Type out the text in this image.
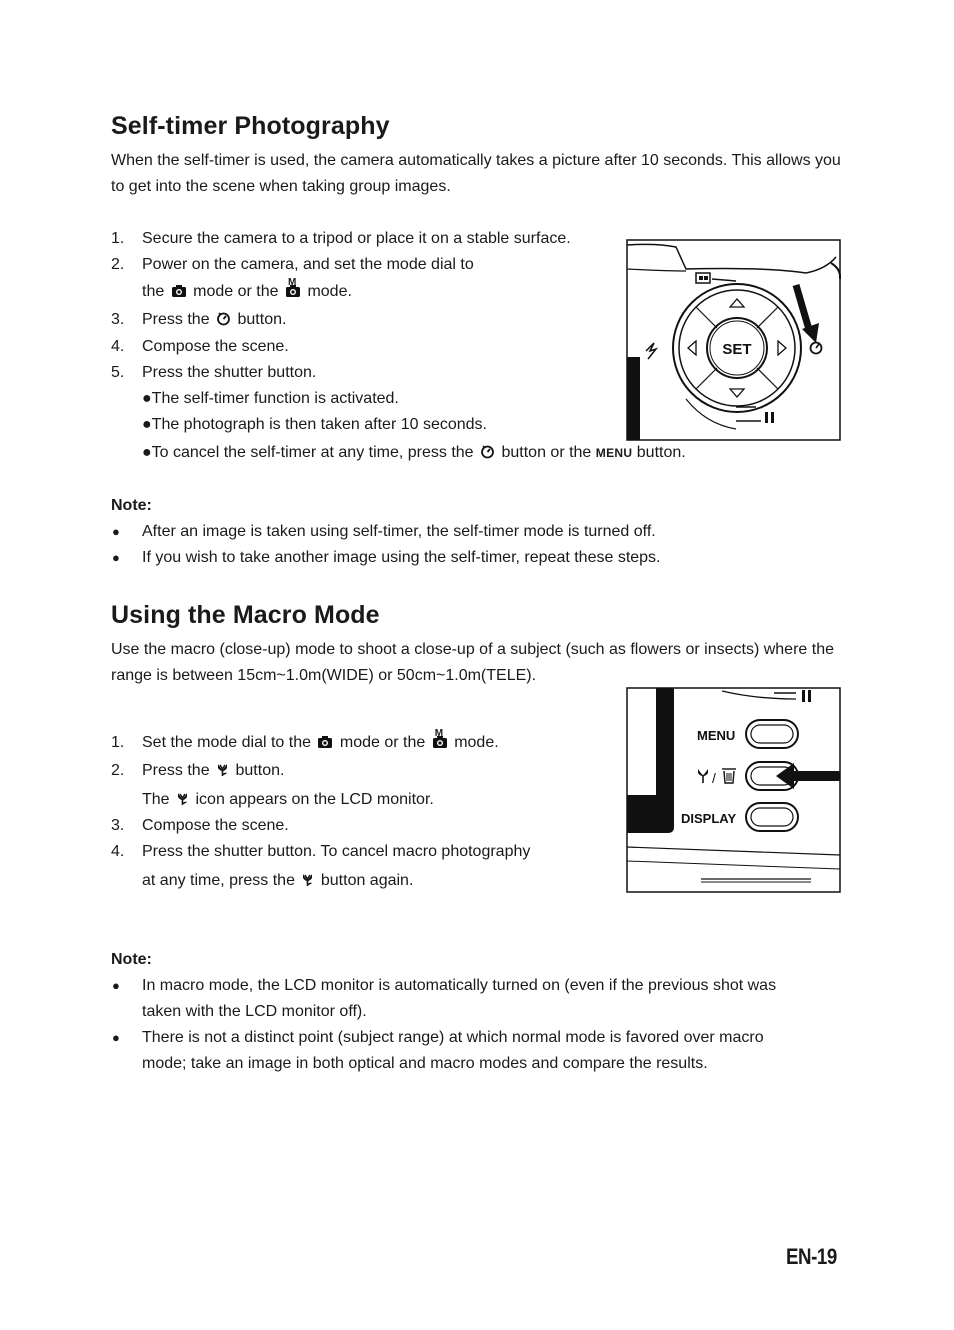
Self-timer Photography
When the self-timer is used, the camera automatically takes a picture after 10 seconds. This allows you to get into the scene when taking group images.
1. Secure the camera to a tripod or place it on a stable surface.
2. Power on the camera, and set the mode dial to
the mode or the
M
mode.
3. Press the button.
4. Compose the scene.
5. Press the shutter button.
●The self-timer function is activated.
●The photograph is then taken after 10 seconds.
●To cancel the self-timer at any time, press the button or the MENU button.
SET
Note:
● After an image is taken using self-timer, the self-timer mode is turned off.
● If you wish to take another image using the self-timer, repeat these steps.
Using the Macro Mode
Use the macro (close-up) mode to shoot a close-up of a subject (such as flowers or insects) where the range is between 15cm~1.0m(WIDE) or 50cm~1.0m(TELE).
1. Set the mode dial to the mode or the
M
mode.
2. Press the button.
The icon appears on the LCD monitor.
3. Compose the scene.
4. Press the shutter button. To cancel macro photography
at any time, press the button again.
MENU
/
DISPLAY
Note:
● In macro mode, the LCD monitor is automatically turned on (even if the previous shot was
taken with the LCD monitor off).
● There is not a distinct point (subject range) at which normal mode is favored over macro
mode; take an image in both optical and macro modes and compare the results.
EN-19
